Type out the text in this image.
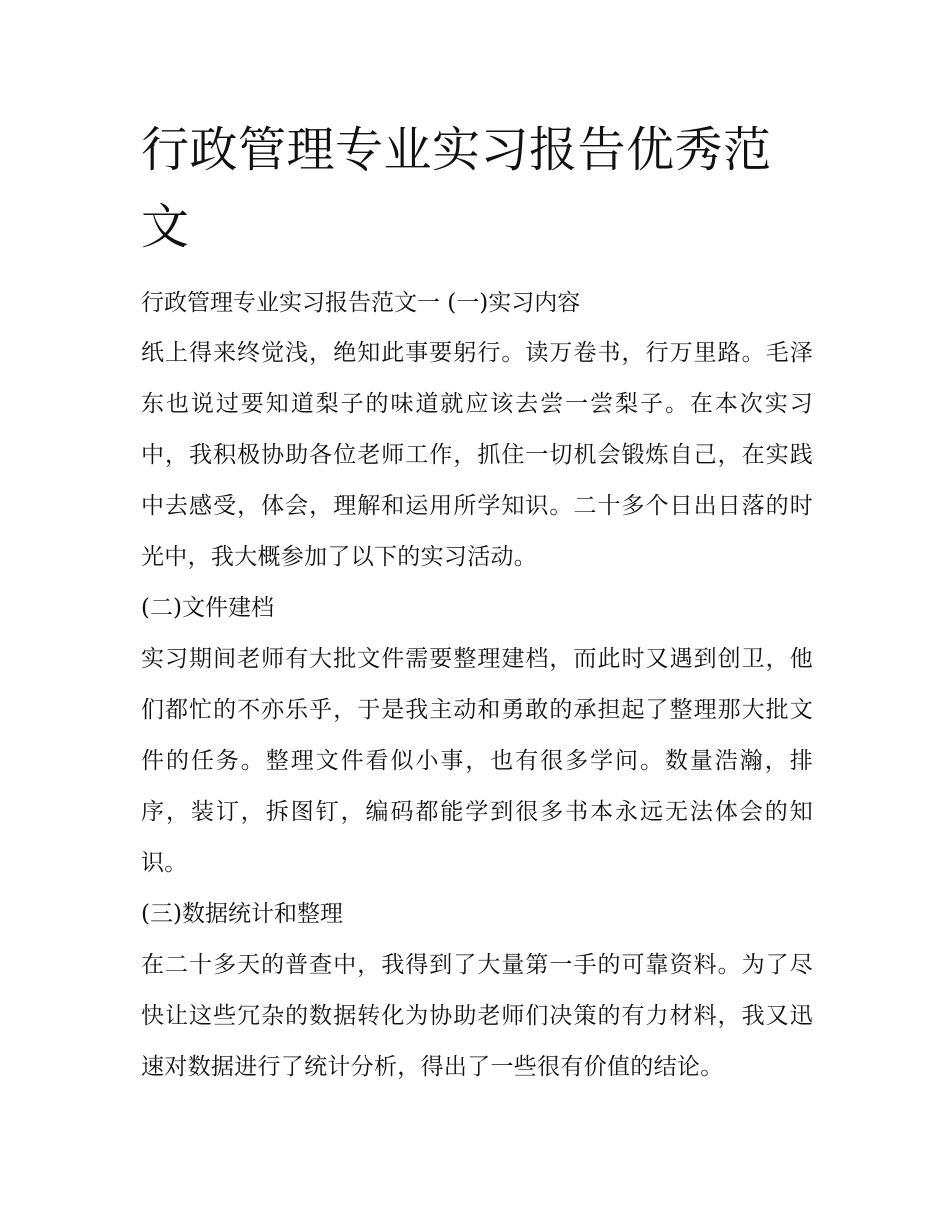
行政管理专业实习报告优秀范文

行政管理专业实习报告范文一 (一)实习内容

纸上得来终觉浅，绝知此事要躬行。读万卷书，行万里路。毛泽东也说过要知道梨子的味道就应该去尝一尝梨子。在本次实习中，我积极协助各位老师工作，抓住一切机会锻炼自己，在实践中去感受，体会，理解和运用所学知识。二十多个日出日落的时光中，我大概参加了以下的实习活动。

(二)文件建档

实习期间老师有大批文件需要整理建档，而此时又遇到创卫，他们都忙的不亦乐乎，于是我主动和勇敢的承担起了整理那大批文件的任务。整理文件看似小事，也有很多学问。数量浩瀚，排序，装订，拆图钉，编码都能学到很多书本永远无法体会的知识。

(三)数据统计和整理

在二十多天的普查中，我得到了大量第一手的可靠资料。为了尽快让这些冗杂的数据转化为协助老师们决策的有力材料，我又迅速对数据进行了统计分析，得出了一些很有价值的结论。
